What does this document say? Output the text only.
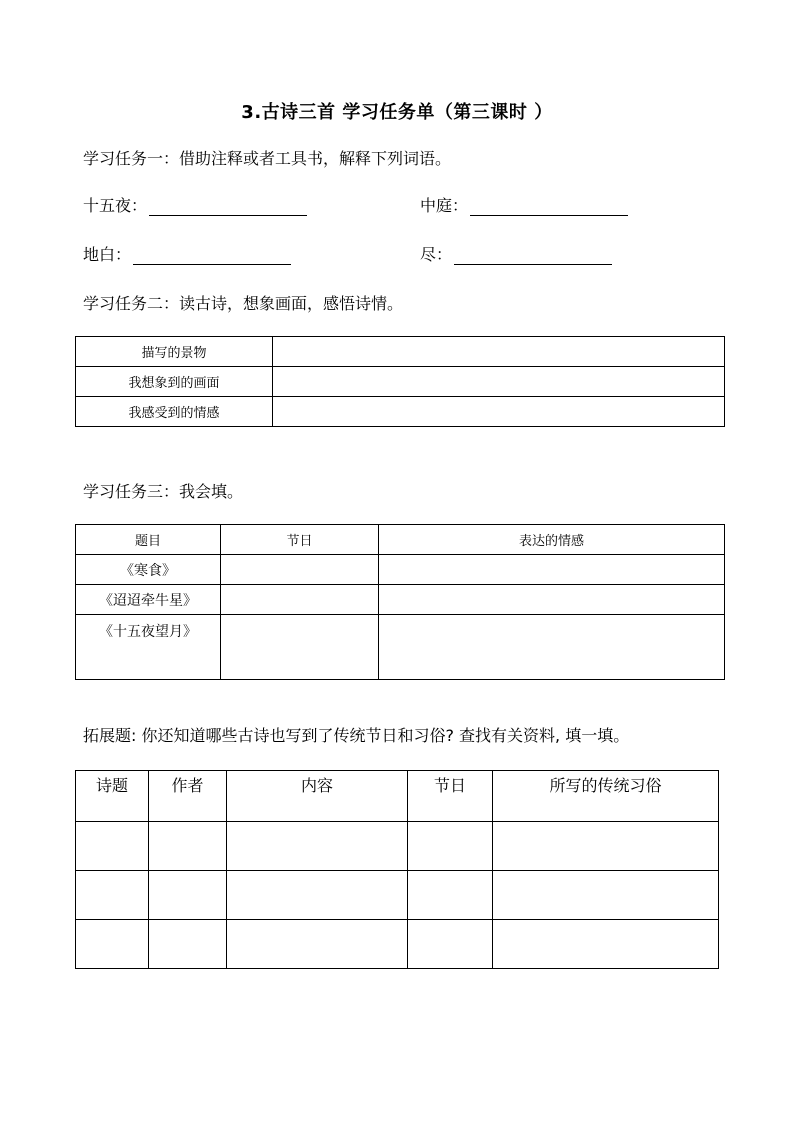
3.古诗三首 学习任务单（第三课时 ）
学习任务一：借助注释或者工具书，解释下列词语。
十五夜：	中庭：
地白：	尽：
学习任务二：读古诗，想象画面，感悟诗情。
描写的景物	
我想象到的画面	
我感受到的情感	
学习任务三：我会填。
题目	节日	表达的情感
《寒食》		
《迢迢牵牛星》		
《十五夜望月》		
拓展题: 你还知道哪些古诗也写到了传统节日和习俗? 查找有关资料, 填一填。
诗题	作者	内容	节日	所写的传统习俗
